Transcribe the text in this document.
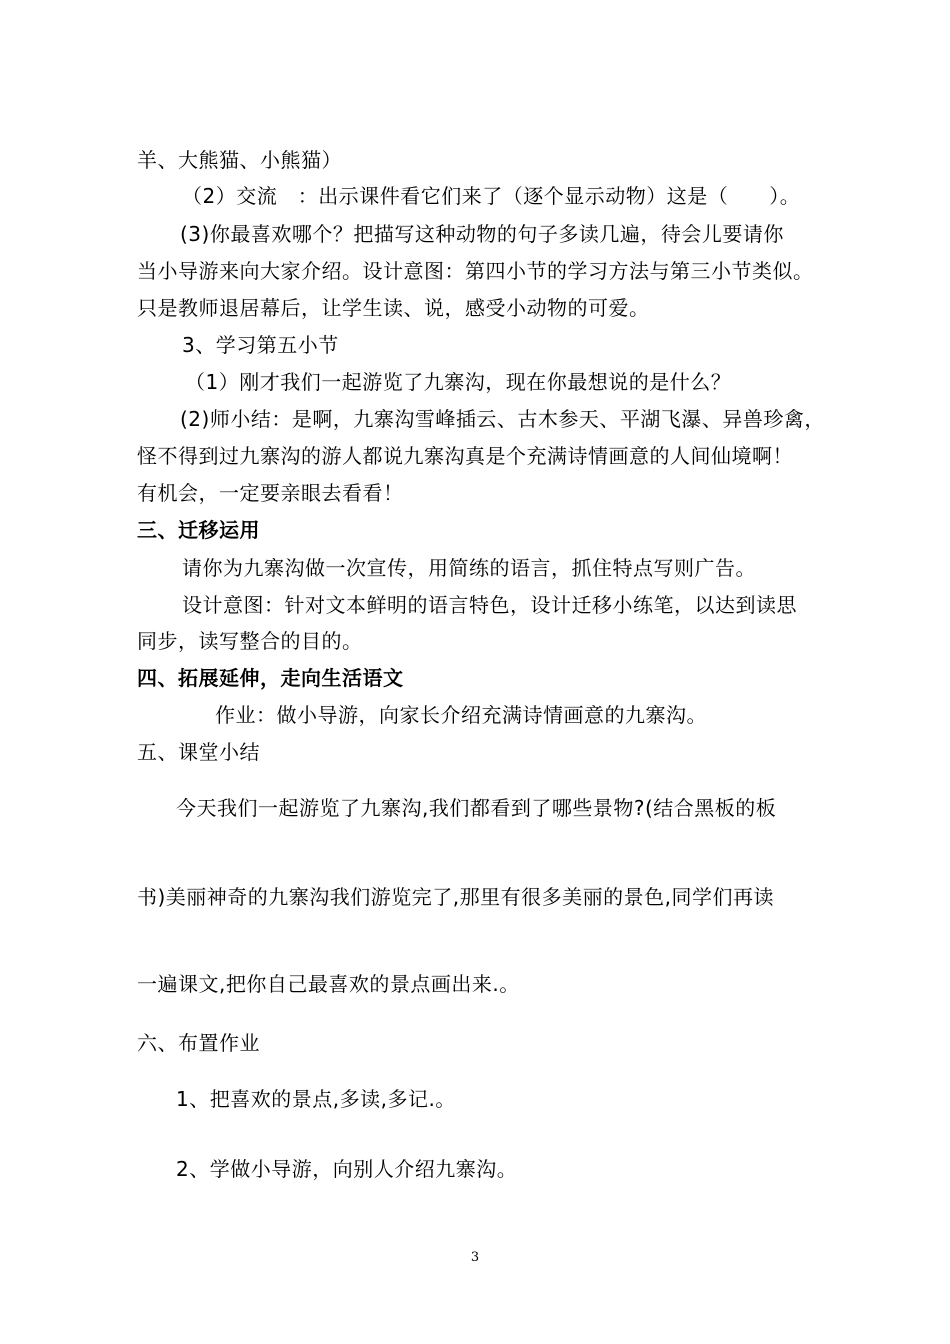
羊、大熊猫、小熊猫）
（2）交流　：出示课件看它们来了（逐个显示动物）这是（　　）。
(3)你最喜欢哪个？把描写这种动物的句子多读几遍，待会儿要请你
当小导游来向大家介绍。设计意图：第四小节的学习方法与第三小节类似。
只是教师退居幕后，让学生读、说，感受小动物的可爱。
3、学习第五小节
（1）刚才我们一起游览了九寨沟，现在你最想说的是什么？
(2)师小结：是啊，九寨沟雪峰插云、古木参天、平湖飞瀑、异兽珍禽，
怪不得到过九寨沟的游人都说九寨沟真是个充满诗情画意的人间仙境啊！
有机会，一定要亲眼去看看！
三、迁移运用
请你为九寨沟做一次宣传，用简练的语言，抓住特点写则广告。
设计意图：针对文本鲜明的语言特色，设计迁移小练笔，以达到读思
同步，读写整合的目的。
四、拓展延伸，走向生活语文
作业：做小导游，向家长介绍充满诗情画意的九寨沟。
五、课堂小结
今天我们一起游览了九寨沟,我们都看到了哪些景物?(结合黑板的板
书)美丽神奇的九寨沟我们游览完了,那里有很多美丽的景色,同学们再读
一遍课文,把你自己最喜欢的景点画出来.。
六、布置作业
1、把喜欢的景点,多读,多记.。
2、学做小导游，向别人介绍九寨沟。
3
